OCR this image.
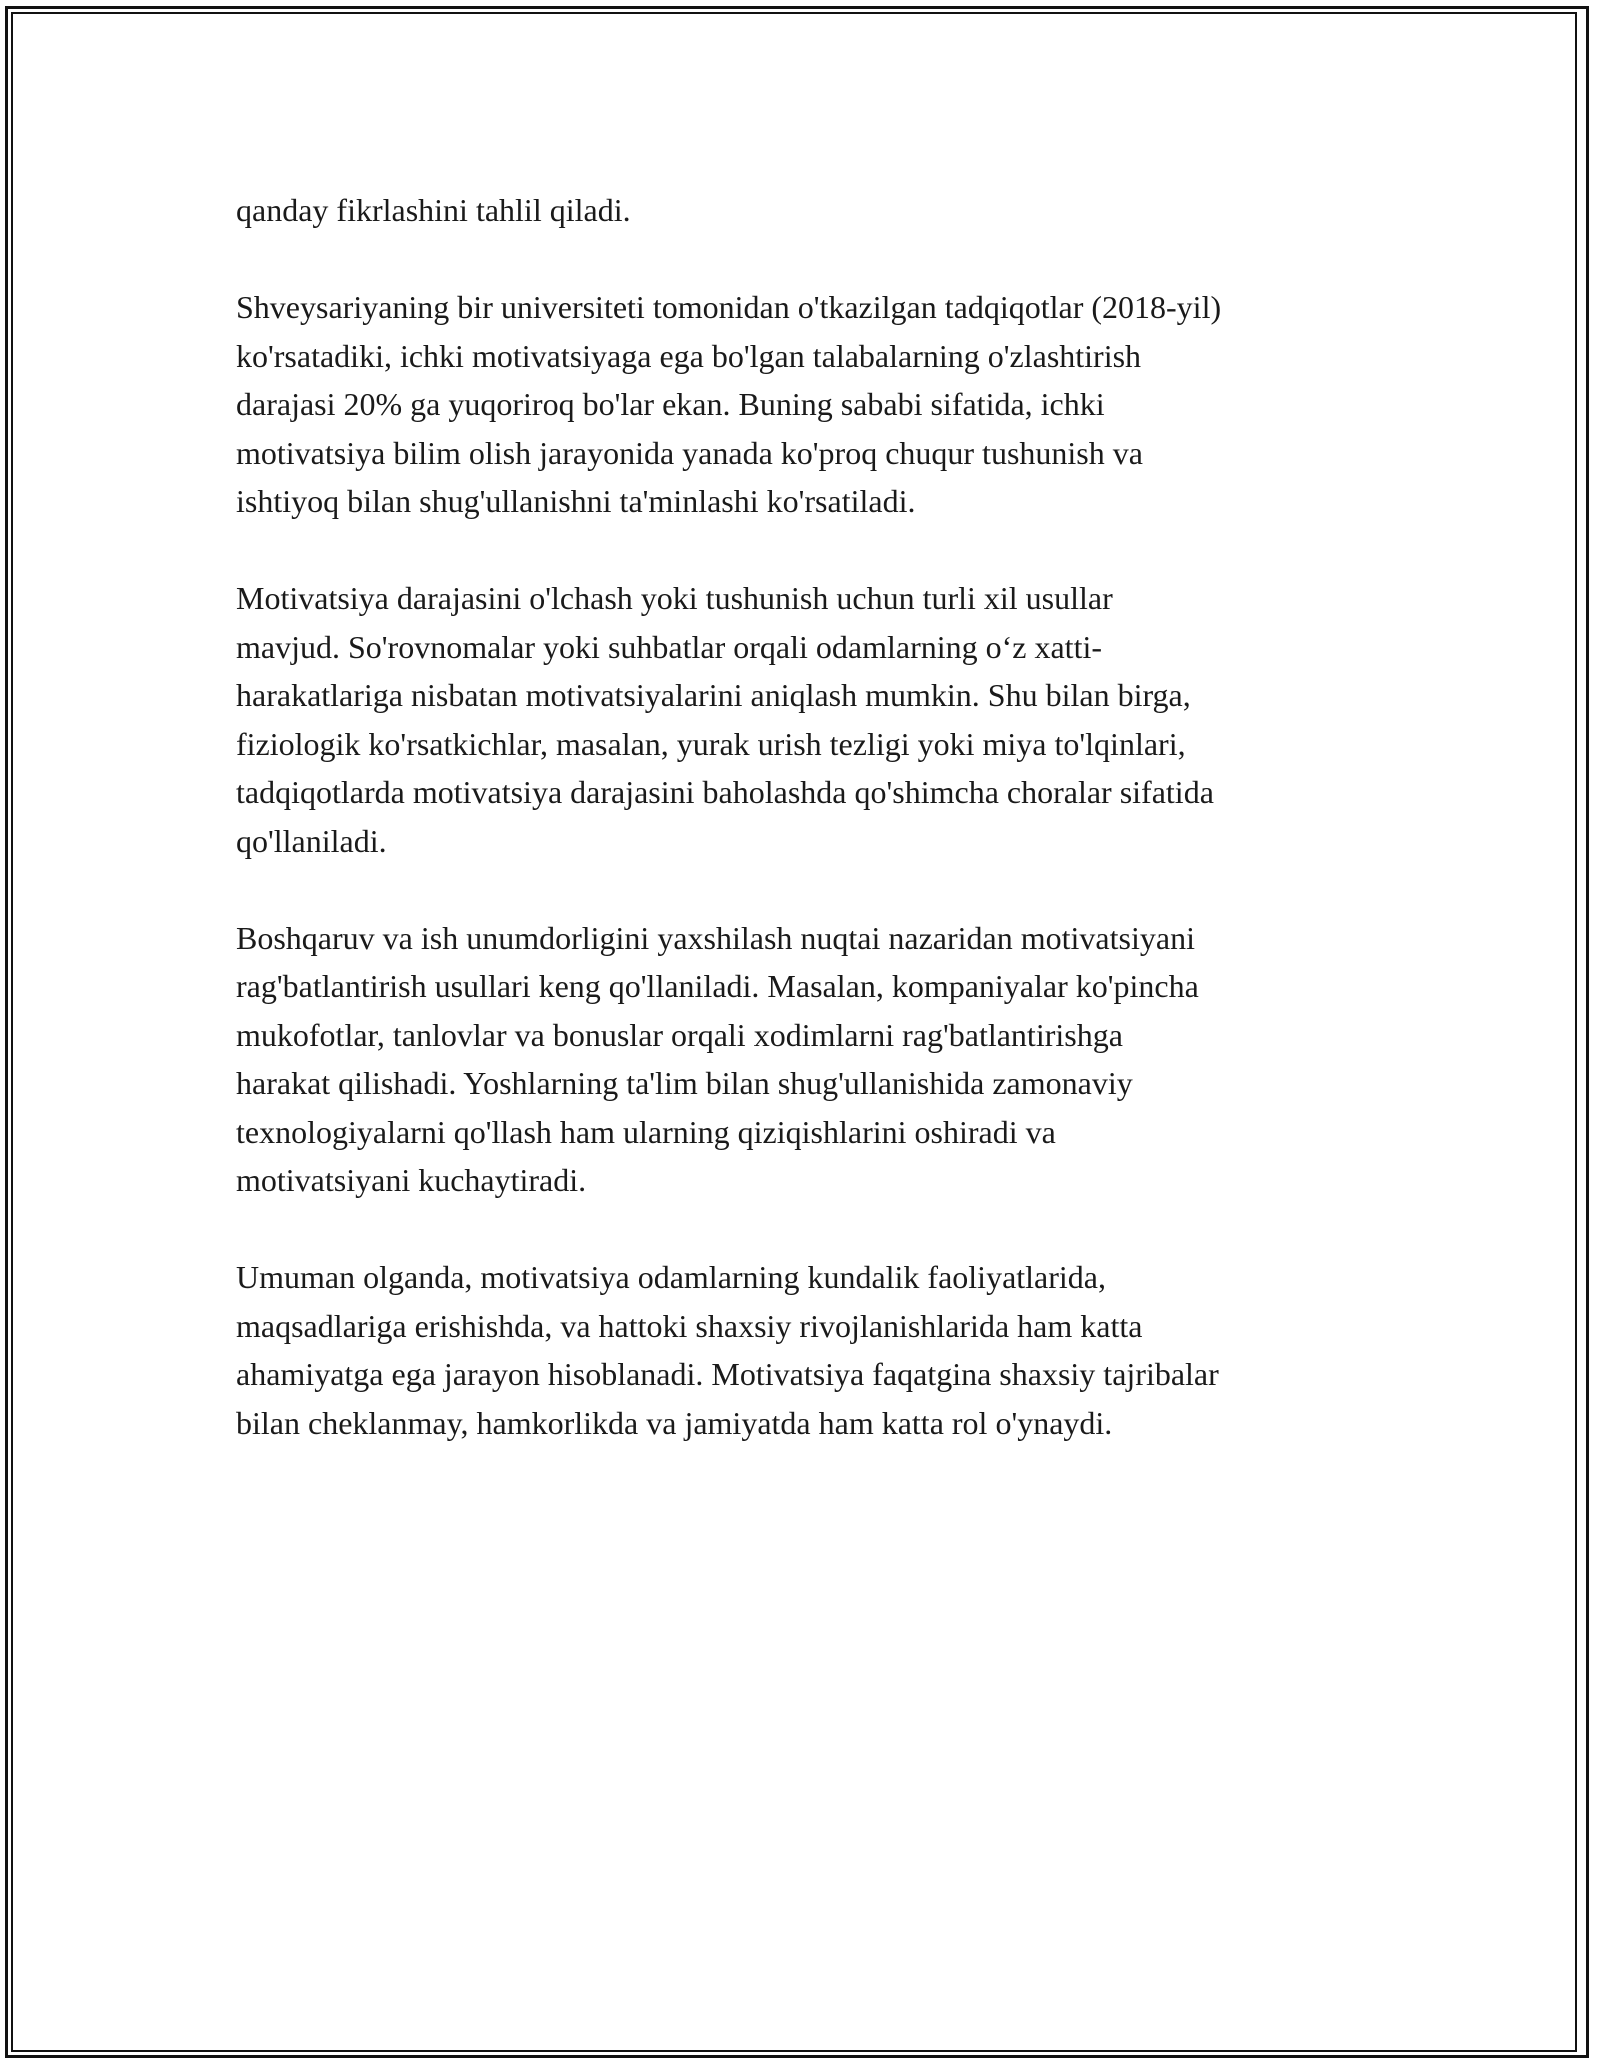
qanday fikrlashini tahlil qiladi.

Shveysariyaning bir universiteti tomonidan o'tkazilgan tadqiqotlar (2018-yil)
ko'rsatadiki, ichki motivatsiyaga ega bo'lgan talabalarning o'zlashtirish
darajasi 20% ga yuqoriroq bo'lar ekan. Buning sababi sifatida, ichki
motivatsiya bilim olish jarayonida yanada ko'proq chuqur tushunish va
ishtiyoq bilan shug'ullanishni ta'minlashi ko'rsatiladi.

Motivatsiya darajasini o'lchash yoki tushunish uchun turli xil usullar
mavjud. So'rovnomalar yoki suhbatlar orqali odamlarning o‘z xatti-
harakatlariga nisbatan motivatsiyalarini aniqlash mumkin. Shu bilan birga,
fiziologik ko'rsatkichlar, masalan, yurak urish tezligi yoki miya to'lqinlari,
tadqiqotlarda motivatsiya darajasini baholashda qo'shimcha choralar sifatida
qo'llaniladi.

Boshqaruv va ish unumdorligini yaxshilash nuqtai nazaridan motivatsiyani
rag'batlantirish usullari keng qo'llaniladi. Masalan, kompaniyalar ko'pincha
mukofotlar, tanlovlar va bonuslar orqali xodimlarni rag'batlantirishga
harakat qilishadi. Yoshlarning ta'lim bilan shug'ullanishida zamonaviy
texnologiyalarni qo'llash ham ularning qiziqishlarini oshiradi va
motivatsiyani kuchaytiradi.

Umuman olganda, motivatsiya odamlarning kundalik faoliyatlarida,
maqsadlariga erishishda, va hattoki shaxsiy rivojlanishlarida ham katta
ahamiyatga ega jarayon hisoblanadi. Motivatsiya faqatgina shaxsiy tajribalar
bilan cheklanmay, hamkorlikda va jamiyatda ham katta rol o'ynaydi.
